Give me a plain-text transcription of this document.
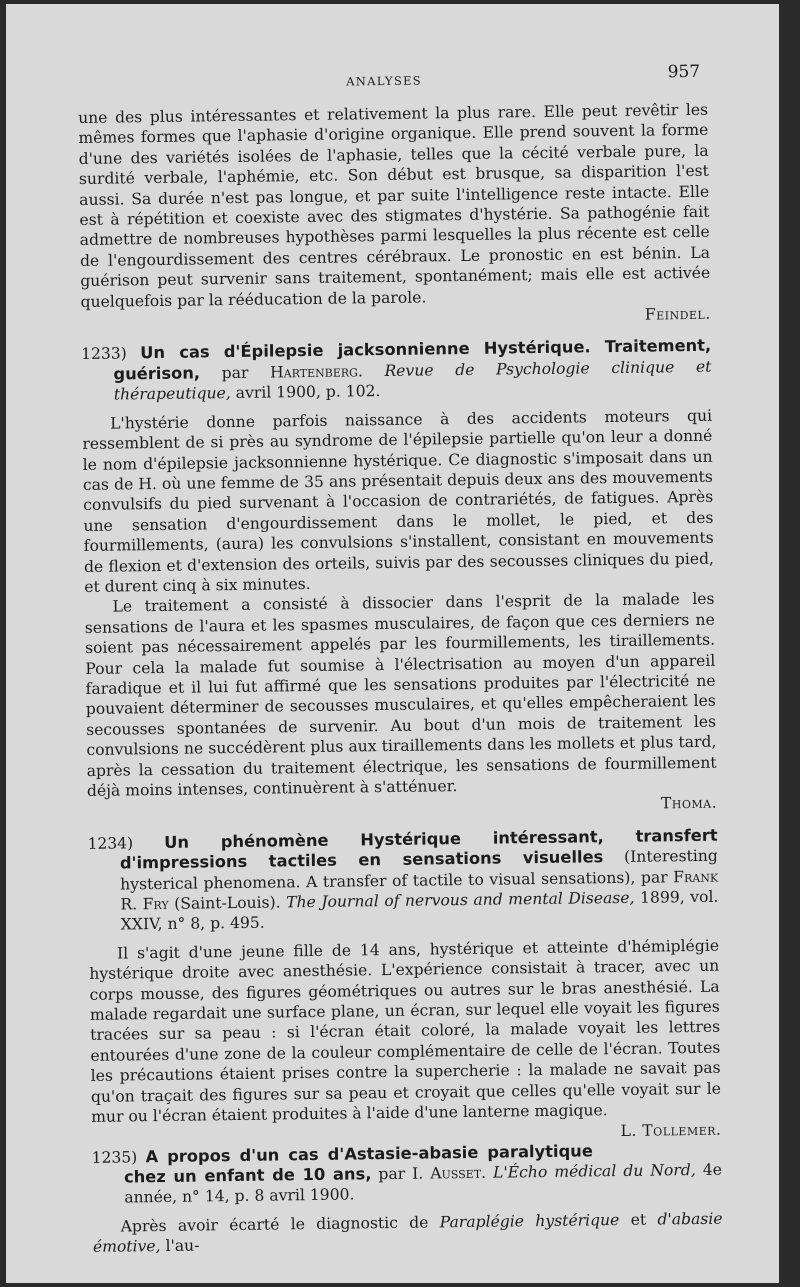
ANALYSES	957

une des plus intéressantes et relativement la plus rare. Elle peut revêtir les mêmes formes que l'aphasie d'origine organique. Elle prend souvent la forme d'une des variétés isolées de l'aphasie, telles que la cécité verbale pure, la surdité verbale, l'aphémie, etc. Son début est brusque, sa disparition l'est aussi. Sa durée n'est pas longue, et par suite l'intelligence reste intacte. Elle est à répétition et coexiste avec des stigmates d'hystérie. Sa pathogénie fait admettre de nombreuses hypothèses parmi lesquelles la plus récente est celle de l'engourdissement des centres cérébraux. Le pronostic en est bénin. La guérison peut survenir sans traitement, spontanément; mais elle est activée quelquefois par la rééducation de la parole.

Feindel.

1233) Un cas d'Épilepsie jacksonnienne Hystérique. Traitement, guérison, par Hartenberg. Revue de Psychologie clinique et thérapeutique, avril 1900, p. 102.

L'hystérie donne parfois naissance à des accidents moteurs qui ressemblent de si près au syndrome de l'épilepsie partielle qu'on leur a donné le nom d'épilepsie jacksonnienne hystérique. Ce diagnostic s'imposait dans un cas de H. où une femme de 35 ans présentait depuis deux ans des mouvements convulsifs du pied survenant à l'occasion de contrariétés, de fatigues. Après une sensation d'engourdissement dans le mollet, le pied, et des fourmillements, (aura) les convulsions s'installent, consistant en mouvements de flexion et d'extension des orteils, suivis par des secousses cliniques du pied, et durent cinq à six minutes.

Le traitement a consisté à dissocier dans l'esprit de la malade les sensations de l'aura et les spasmes musculaires, de façon que ces derniers ne soient pas nécessairement appelés par les fourmillements, les tiraillements. Pour cela la malade fut soumise à l'électrisation au moyen d'un appareil faradique et il lui fut affirmé que les sensations produites par l'électricité ne pouvaient déterminer de secousses musculaires, et qu'elles empêcheraient les secousses spontanées de survenir. Au bout d'un mois de traitement les convulsions ne succédèrent plus aux tiraillements dans les mollets et plus tard, après la cessation du traitement électrique, les sensations de fourmillement déjà moins intenses, continuèrent à s'atténuer.

Thoma.

1234) Un phénomène Hystérique intéressant, transfert d'impressions tactiles en sensations visuelles (Interesting hysterical phenomena. A transfer of tactile to visual sensations), par Frank R. Fry (Saint-Louis). The Journal of nervous and mental Disease, 1899, vol. XXIV, n° 8, p. 495.

Il s'agit d'une jeune fille de 14 ans, hystérique et atteinte d'hémiplégie hystérique droite avec anesthésie. L'expérience consistait à tracer, avec un corps mousse, des figures géométriques ou autres sur le bras anesthésié. La malade regardait une surface plane, un écran, sur lequel elle voyait les figures tracées sur sa peau : si l'écran était coloré, la malade voyait les lettres entourées d'une zone de la couleur complémentaire de celle de l'écran. Toutes les précautions étaient prises contre la supercherie : la malade ne savait pas qu'on traçait des figures sur sa peau et croyait que celles qu'elle voyait sur le mur ou l'écran étaient produites à l'aide d'une lanterne magique.
L. Tollemer.

1235) A propos d'un cas d'Astasie-abasie paralytique chez un enfant de 10 ans, par I. Ausset. L'Écho médical du Nord, 4e année, n° 14, p. 8 avril 1900.

Après avoir écarté le diagnostic de Paraplégie hystérique et d'abasie émotive, l'au-
